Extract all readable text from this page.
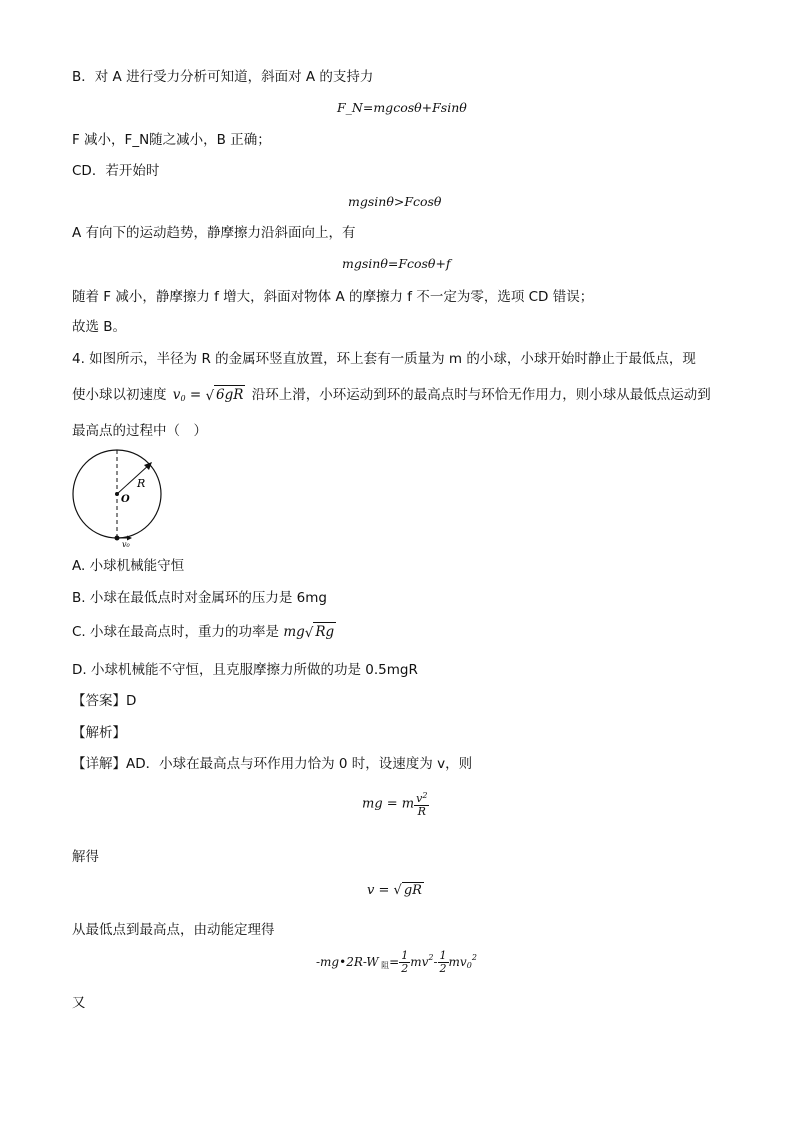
B．对 A 进行受力分析可知道，斜面对 A 的支持力
F_N=mgcosθ+Fsinθ
F 减小，F_N随之减小，B 正确；
CD．若开始时
mgsinθ>Fcosθ
A 有向下的运动趋势，静摩擦力沿斜面向上，有
mgsinθ=Fcosθ+f
随着 F 减小，静摩擦力 f 增大，斜面对物体 A 的摩擦力 f 不一定为零，选项 CD 错误；
故选 B。
4. 如图所示，半径为 R 的金属环竖直放置，环上套有一质量为 m 的小球，小球开始时静止于最低点，现
使小球以初速度 $v_0$ = √ 6gR 沿环上滑，小环运动到环的最高点时与环恰无作用力，则小球从最低点运动到
最高点的过程中（　）
R
O
v₀
A. 小球机械能守恒
B. 小球在最低点时对金属环的压力是 6mg
C. 小球在最高点时，重力的功率是 mg√ Rg
D. 小球机械能不守恒，且克服摩擦力所做的功是 0.5mgR
【答案】D
【解析】
【详解】AD．小球在最高点与环作用力恰为 0 时，设速度为 v，则
mg = m $\frac{v^2}{R}$
解得
v = √ gR
从最低点到最高点，由动能定理得
-mg•2R-W $_阻= \frac{1}{2} mv^2- \frac{1}{2} mv_0^2$
又
